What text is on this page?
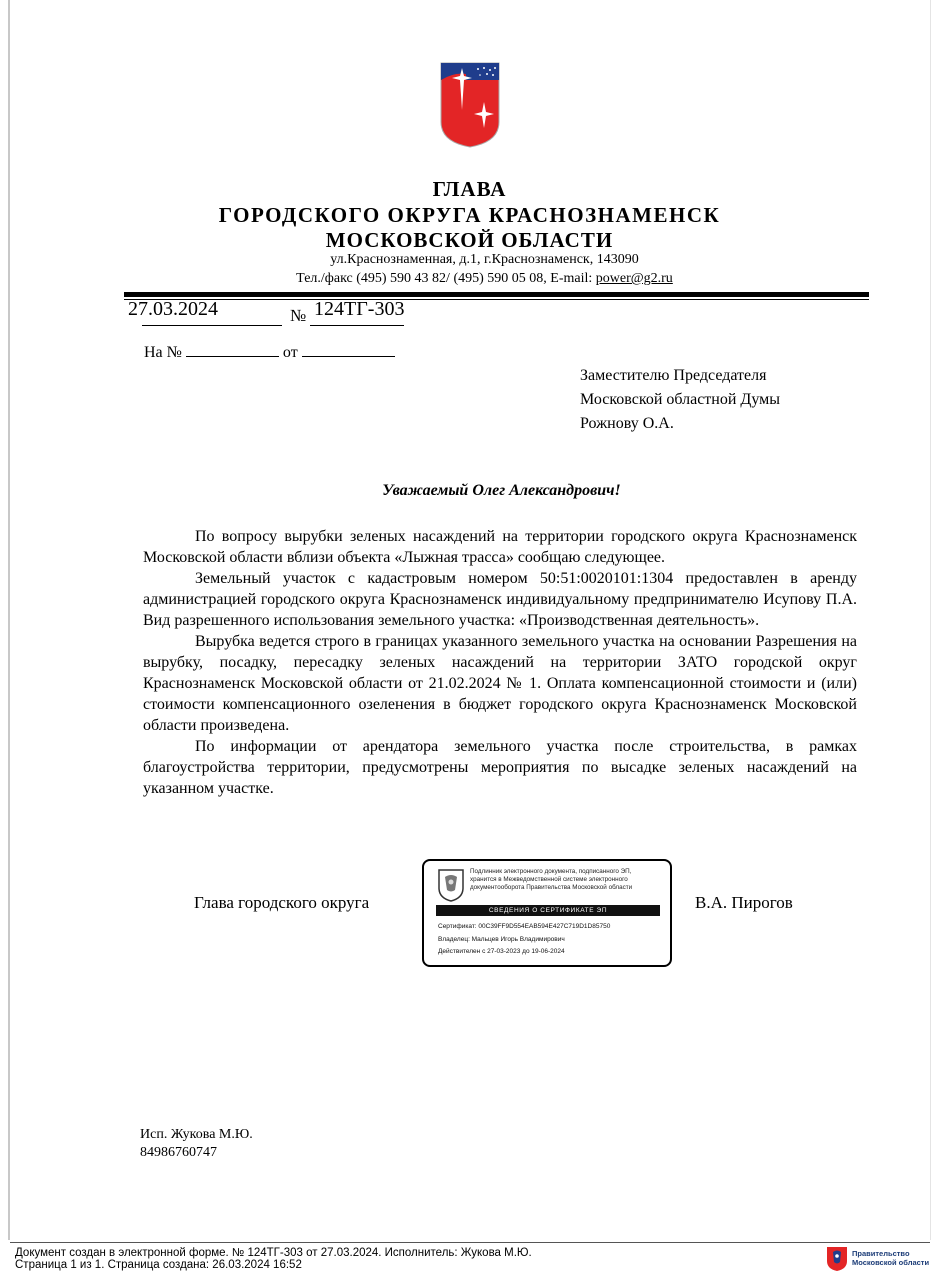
ГЛАВА
ГОРОДСКОГО ОКРУГА КРАСНОЗНАМЕНСК
МОСКОВСКОЙ ОБЛАСТИ
ул.Краснознаменная, д.1, г.Краснознаменск, 143090
Тел./факс (495) 590 43 82/ (495) 590 05 08, E-mail: power@g2.ru
27.03.2024	№ 124ТГ-303
На №	от
Заместителю Председателя
Московской областной Думы
Рожнову О.А.
Уважаемый Олег Александрович!

По вопросу вырубки зеленых насаждений на территории городского округа Краснознаменск Московской области вблизи объекта «Лыжная трасса» сообщаю следующее.

Земельный участок с кадастровым номером 50:51:0020101:1304 предоставлен в аренду администрацией городского округа Краснознаменск индивидуальному предпринимателю Исупову П.А. Вид разрешенного использования земельного участка: «Производственная деятельность».

Вырубка ведется строго в границах указанного земельного участка на основании Разрешения на вырубку, посадку, пересадку зеленых насаждений на территории ЗАТО городской округ Краснознаменск Московской области от 21.02.2024 № 1. Оплата компенсационной стоимости и (или) стоимости компенсационного озеленения в бюджет городского округа Краснознаменск Московской области произведена.

По информации от арендатора земельного участка после строительства, в рамках благоустройства территории, предусмотрены мероприятия по высадке зеленых насаждений на указанном участке.

Глава городского округа	В.А. Пирогов
Подлинник электронного документа, подписанного ЭП,
хранится в Межведомственной системе электронного
документооборота Правительства Московской области
СВЕДЕНИЯ О СЕРТИФИКАТЕ ЭП
Сертификат: 00C39FF9D554EAB594E427C719D1D85750
Владелец: Мальцев Игорь Владимирович
Действителен с 27-03-2023 до 19-06-2024
Исп. Жукова М.Ю.
84986760747
Документ создан в электронной форме. № 124ТГ-303 от 27.03.2024. Исполнитель: Жукова М.Ю.
Страница 1 из 1. Страница создана: 26.03.2024 16:52
Правительство
Московской области
